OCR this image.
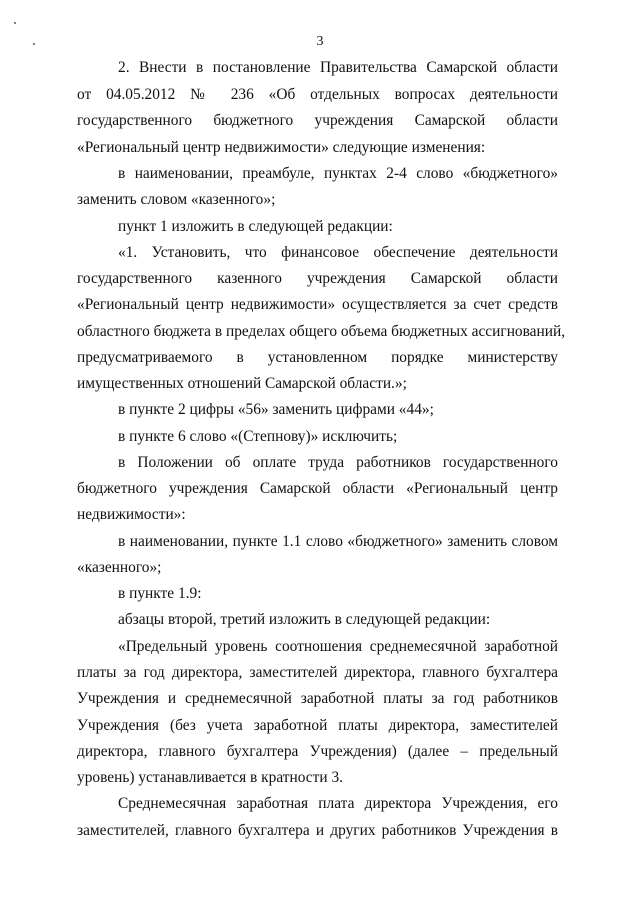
3
2. Внести в постановление Правительства Самарской области
от 04.05.2012 № 236 «Об отдельных вопросах деятельности
государственного бюджетного учреждения Самарской области
«Региональный центр недвижимости» следующие изменения:
в наименовании, преамбуле, пунктах 2-4 слово «бюджетного»
заменить словом «казенного»;
пункт 1 изложить в следующей редакции:
«1. Установить, что финансовое обеспечение деятельности
государственного казенного учреждения Самарской области
«Региональный центр недвижимости» осуществляется за счет средств
областного бюджета в пределах общего объема бюджетных ассигнований,
предусматриваемого в установленном порядке министерству
имущественных отношений Самарской области.»;
в пункте 2 цифры «56» заменить цифрами «44»;
в пункте 6 слово «(Степнову)» исключить;
в Положении об оплате труда работников государственного
бюджетного учреждения Самарской области «Региональный центр
недвижимости»:
в наименовании, пункте 1.1 слово «бюджетного» заменить словом
«казенного»;
в пункте 1.9:
абзацы второй, третий изложить в следующей редакции:
«Предельный уровень соотношения среднемесячной заработной
платы за год директора, заместителей директора, главного бухгалтера
Учреждения и среднемесячной заработной платы за год работников
Учреждения (без учета заработной платы директора, заместителей
директора, главного бухгалтера Учреждения) (далее – предельный
уровень) устанавливается в кратности 3.
Среднемесячная заработная плата директора Учреждения, его
заместителей, главного бухгалтера и других работников Учреждения в
